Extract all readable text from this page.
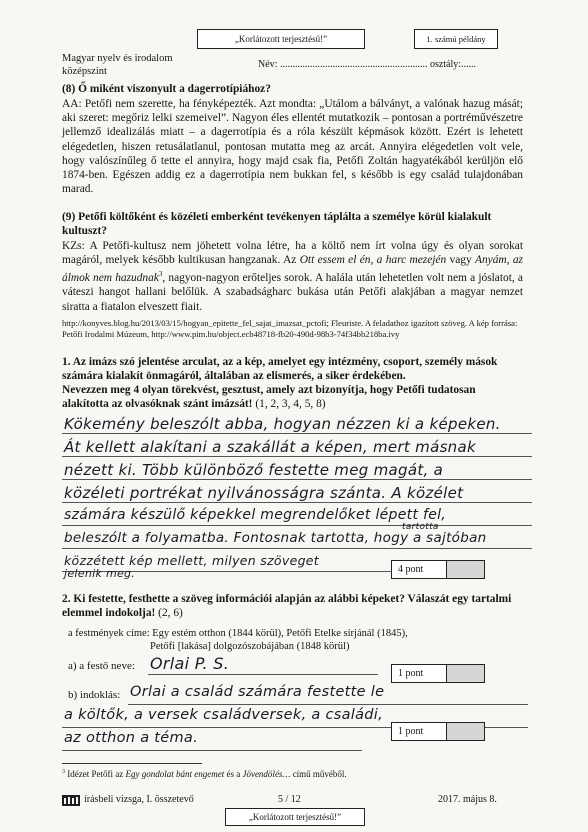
„Korlátozott terjesztésű!”	1. számú példány
Magyar nyelv és irodalom
középszint
Név: ........................................................... osztály:......
(8) Ő miként viszonyult a dagerrotípiához?
AA: Petőfi nem szerette, ha fényképezték. Azt mondta: „Utálom a bálványt, a valónak hazug mását; aki szeret: megőriz lelki szemeivel”. Nagyon éles ellentét mutatkozik – pontosan a portréművészetre jellemző idealizálás miatt – a dagerrotípia és a róla készült képmások között. Ezért is lehetett elégedetlen, hiszen retusálatlanul, pontosan mutatta meg az arcát. Annyira elégedetlen volt vele, hogy valószínűleg ő tette el annyira, hogy majd csak fia, Petőfi Zoltán hagyatékából kerüljön elő 1874-ben. Egészen addig ez a dagerrotípia nem bukkan fel, s később is egy család tulajdonában marad.
(9) Petőfi költőként és közéleti emberként tevékenyen táplálta a személye körül kialakult kultuszt?
KZs: A Petőfi-kultusz nem jöhetett volna létre, ha a költő nem írt volna úgy és olyan sorokat magáról, melyek később kultikusan hangzanak. Az Ott essem el én, a harc mezején vagy Anyám, az álmok nem hazudnak$^3$, nagyon-nagyon erőteljes sorok. A halála után lehetetlen volt nem a jóslatot, a váteszi hangot hallani belőlük. A szabadságharc bukása után Petőfi alakjában a magyar nemzet siratta a fiatalon elveszett fiait.
http://konyves.blog.hu/2013/03/15/hogyan_epitette_fel_sajat_imazsat_pctofi; Fleuriste. A feladathoz igazított szöveg. A kép forrása: Petőfi Irodalmi Múzeum, http://www.pim.hu/object.ecb48718-fb20-490d-98b3-74f34bb218ba.ivy
1. Az imázs szó jelentése arculat, az a kép, amelyet egy intézmény, csoport, személy mások számára kialakít önmagáról, általában az elismerés, a siker érdekében.
Nevezzen meg 4 olyan törekvést, gesztust, amely azt bizonyítja, hogy Petőfi tudatosan alakította az olvasóknak szánt imázsát! (1, 2, 3, 4, 5, 8)
Kökemény beleszólt abba, hogyan nézzen ki a képeken.
Át kellett alakítani a szakállát a képen, mert másnak
nézett ki. Több különböző festette meg magát, a
közéleti portrékat nyilvánosságra szánta. A közélet
számára készülő képekkel megrendelőket lépett fel,
beleszólt a folyamatba. Fontosnak tartotta, hogy a sajtóban
tartotta
közzétett kép mellett, milyen szöveget
jelenik meg.	4 pont
2. Ki festette, festhette a szöveg információi alapján az alábbi képeket? Válaszát egy tartalmi elemmel indokolja! (2, 6)
a festmények címe: Egy estém otthon (1844 körül), Petőfi Etelke sírjánál (1845),
Petőfi [lakása] dolgozószobájában (1848 körül)
a) a festő neve: Orlai P. S.
1 pont
b) indoklás: Orlai a család számára festette le
a költők, a versek családversek, a családi,
az otthon a téma.	1 pont
$^3$ Idézet Petőfi az Egy gondolat bánt engemet és a Jövendölés… című művéből.
írásbeli vizsga, I. összetevő	5 / 12	2017. május 8.
„Korlátozott terjesztésű!”
